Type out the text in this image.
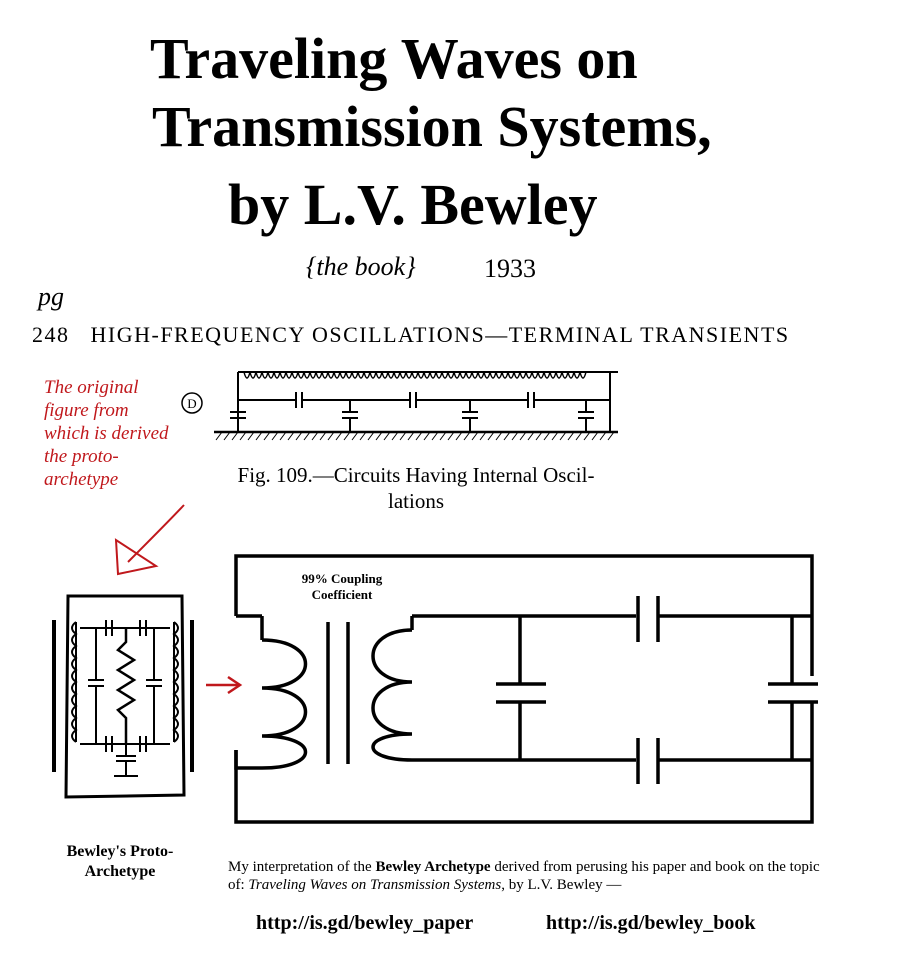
Traveling Waves on
Transmission Systems,
by L.V. Bewley
{the book}	1933
pg
248 HIGH-FREQUENCY OSCILLATIONS—TERMINAL TRANSIENTS
The original figure from which is derived the proto-archetype	Fig. 109.—Circuits Having Internal Oscil-
lations
99% Coupling
Coefficient
Bewley's Proto-
Archetype	My interpretation of the Bewley Archetype derived from perusing his paper and book on the topic of: Traveling Waves on Transmission Systems, by L.V. Bewley —
http://is.gd/bewley_paper	http://is.gd/bewley_book
D
